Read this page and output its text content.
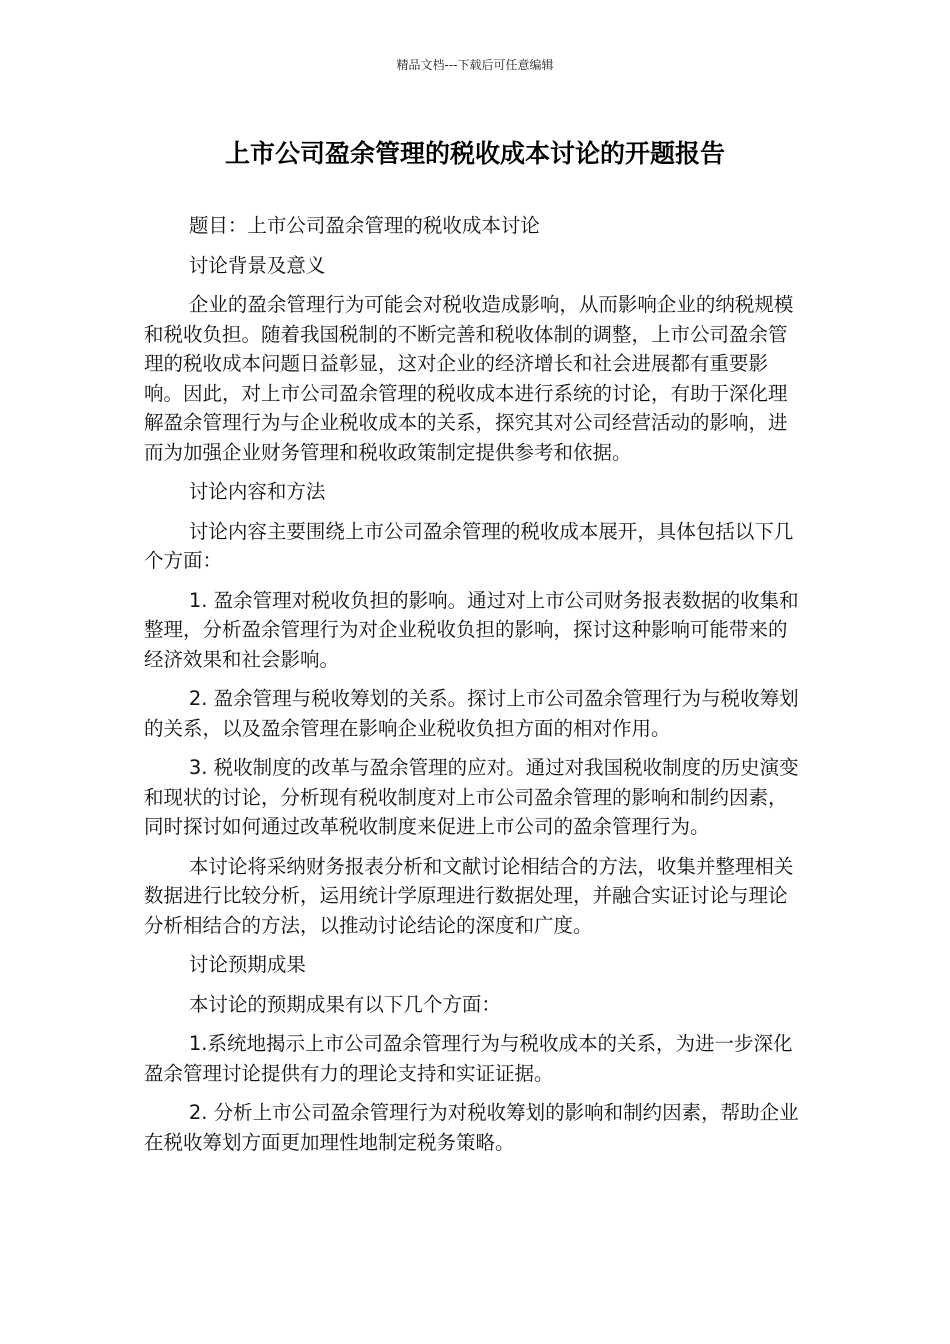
精品文档---下载后可任意编辑
上市公司盈余管理的税收成本讨论的开题报告

题目：上市公司盈余管理的税收成本讨论

讨论背景及意义

企业的盈余管理行为可能会对税收造成影响，从而影响企业的纳税规模和税收负担。随着我国税制的不断完善和税收体制的调整，上市公司盈余管理的税收成本问题日益彰显，这对企业的经济增长和社会进展都有重要影响。因此，对上市公司盈余管理的税收成本进行系统的讨论，有助于深化理解盈余管理行为与企业税收成本的关系，探究其对公司经营活动的影响，进而为加强企业财务管理和税收政策制定提供参考和依据。

讨论内容和方法

讨论内容主要围绕上市公司盈余管理的税收成本展开，具体包括以下几个方面：

1. 盈余管理对税收负担的影响。通过对上市公司财务报表数据的收集和整理，分析盈余管理行为对企业税收负担的影响，探讨这种影响可能带来的经济效果和社会影响。

2. 盈余管理与税收筹划的关系。探讨上市公司盈余管理行为与税收筹划的关系，以及盈余管理在影响企业税收负担方面的相对作用。

3. 税收制度的改革与盈余管理的应对。通过对我国税收制度的历史演变和现状的讨论，分析现有税收制度对上市公司盈余管理的影响和制约因素，同时探讨如何通过改革税收制度来促进上市公司的盈余管理行为。

本讨论将采纳财务报表分析和文献讨论相结合的方法，收集并整理相关数据进行比较分析，运用统计学原理进行数据处理，并融合实证讨论与理论分析相结合的方法，以推动讨论结论的深度和广度。

讨论预期成果

本讨论的预期成果有以下几个方面：

1.系统地揭示上市公司盈余管理行为与税收成本的关系，为进一步深化盈余管理讨论提供有力的理论支持和实证证据。

2. 分析上市公司盈余管理行为对税收筹划的影响和制约因素，帮助企业在税收筹划方面更加理性地制定税务策略。
